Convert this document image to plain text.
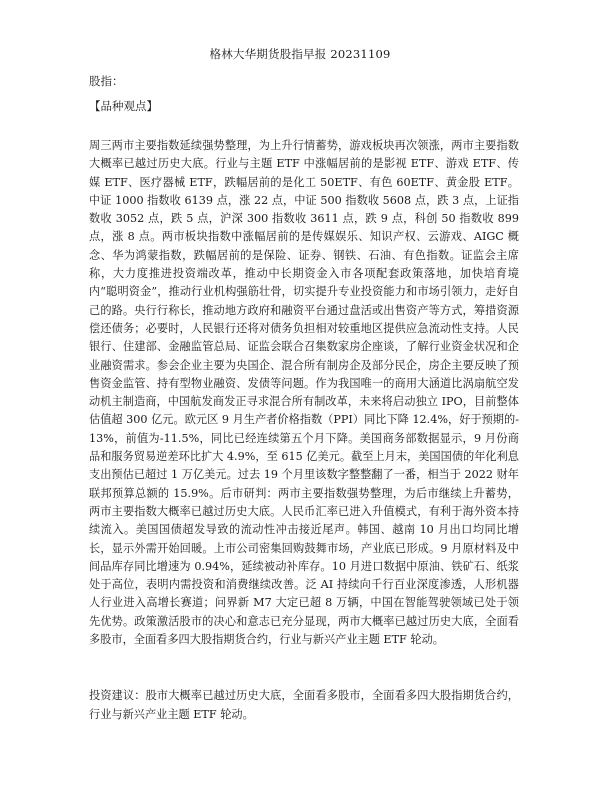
格林大华期货股指早报 20231109
股指：
【品种观点】
周三两市主要指数延续强势整理，为上升行情蓄势，游戏板块再次领涨，两市主要指数大概率已越过历史大底。行业与主题 ETF 中涨幅居前的是影视 ETF、游戏 ETF、传媒 ETF、医疗器械 ETF，跌幅居前的是化工 50ETF、有色 60ETF、黄金股 ETF。中证 1000 指数收 6139 点，涨 22 点，中证 500 指数收 5608 点，跌 3 点，上证指数收 3052 点，跌 5 点，沪深 300 指数收 3611 点，跌 9 点，科创 50 指数收 899 点，涨 8 点。两市板块指数中涨幅居前的是传媒娱乐、知识产权、云游戏、AIGC 概念、华为鸿蒙指数，跌幅居前的是保险、证券、钢铁、石油、有色指数。证监会主席称，大力度推进投资端改革，推动中长期资金入市各项配套政策落地，加快培育境内“聪明资金”，推动行业机构强筋壮骨，切实提升专业投资能力和市场引领力，走好自己的路。央行行称长，推动地方政府和融资平台通过盘活或出售资产等方式，筹措资源偿还债务；必要时，人民银行还将对债务负担相对较重地区提供应急流动性支持。人民银行、住建部、金融监管总局、证监会联合召集数家房企座谈，了解行业资金状况和企业融资需求。参会企业主要为央国企、混合所有制房企及部分民企，房企主要反映了预售资金监管、持有型物业融资、发债等问题。作为我国唯一的商用大涵道比涡扇航空发动机主制造商，中国航发商发正寻求混合所有制改革，未来将启动独立 IPO，目前整体估值超 300 亿元。欧元区 9 月生产者价格指数（PPI）同比下降 12.4%，好于预期的-13%，前值为-11.5%，同比已经连续第五个月下降。美国商务部数据显示，9 月份商品和服务贸易逆差环比扩大 4.9%，至 615 亿美元。截至上月末，美国国债的年化利息支出预估已超过 1 万亿美元。过去 19 个月里该数字整整翻了一番，相当于 2022 财年联邦预算总额的 15.9%。后市研判：两市主要指数强势整理，为后市继续上升蓄势，两市主要指数大概率已越过历史大底。人民币汇率已进入升值模式，有利于海外资本持续流入。美国国债超发导致的流动性冲击接近尾声。韩国、越南 10 月出口均同比增长，显示外需开始回暖。上市公司密集回购鼓舞市场，产业底已形成。9 月原材料及中间品库存同比增速为 0.94%，延续被动补库存。10 月进口数据中原油、铁矿石、纸浆处于高位，表明内需投资和消费继续改善。泛 AI 持续向千行百业深度渗透，人形机器人行业进入高增长赛道；问界新 M7 大定已超 8 万辆，中国在智能驾驶领域已处于领先优势。政策激活股市的决心和意志已充分显现，两市大概率已越过历史大底，全面看多股市，全面看多四大股指期货合约，行业与新兴产业主题 ETF 轮动。
投资建议：股市大概率已越过历史大底，全面看多股市，全面看多四大股指期货合约，行业与新兴产业主题 ETF 轮动。
